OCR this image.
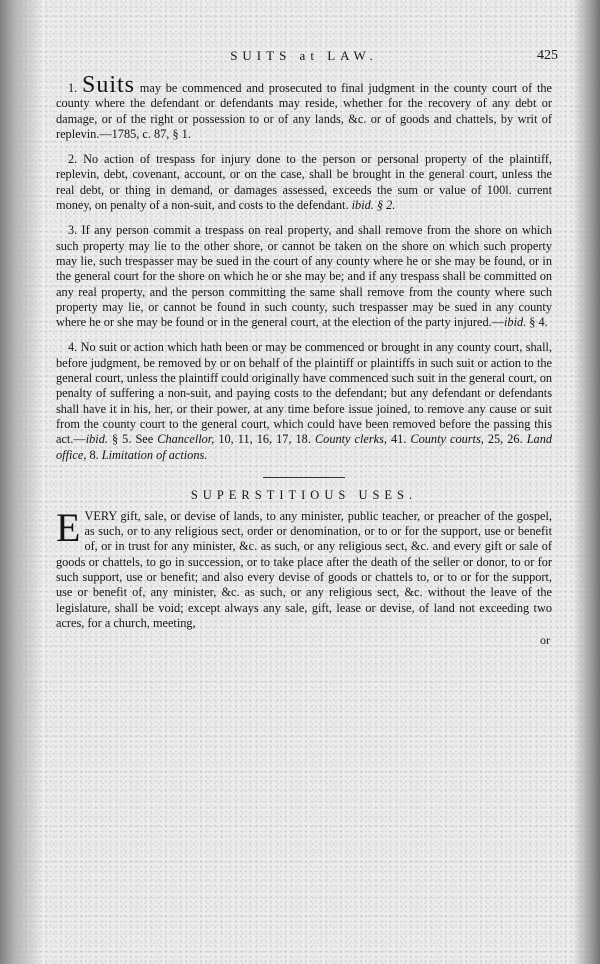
SUITS at LAW.	425

1. Suits may be commenced and prosecuted to final judgment in the county court of the county where the defendant or defendants may reside, whether for the recovery of any debt or damage, or of the right or possession to or of any lands, &c. or of goods and chattels, by writ of replevin.—1785, c. 87, § 1.

2. No action of trespass for injury done to the person or personal property of the plaintiff, replevin, debt, covenant, account, or on the case, shall be brought in the general court, unless the real debt, or thing in demand, or damages assessed, exceeds the sum or value of 100l. current money, on penalty of a non-suit, and costs to the defendant. ibid. § 2.

3. If any person commit a trespass on real property, and shall remove from the shore on which such property may lie to the other shore, or cannot be taken on the shore on which such property may lie, such trespasser may be sued in the court of any county where he or she may be found, or in the general court for the shore on which he or she may be; and if any trespass shall be committed on any real property, and the person committing the same shall remove from the county where such property may lie, or cannot be found in such county, such trespasser may be sued in any county where he or she may be found or in the general court, at the election of the party injured.—ibid. § 4.

4. No suit or action which hath been or may be commenced or brought in any county court, shall, before judgment, be removed by or on behalf of the plaintiff or plaintiffs in such suit or action to the general court, unless the plaintiff could originally have commenced such suit in the general court, on penalty of suffering a non-suit, and paying costs to the defendant; but any defendant or defendants shall have it in his, her, or their power, at any time before issue joined, to remove any cause or suit from the county court to the general court, which could have been removed before the passing this act.—ibid. § 5. See Chancellor, 10, 11, 16, 17, 18. County clerks, 41. County courts, 25, 26. Land office, 8. Limitation of actions.

SUPERSTITIOUS USES.

EVERY gift, sale, or devise of lands, to any minister, public teacher, or preacher of the gospel, as such, or to any religious sect, order or denomination, or to or for the support, use or benefit of, or in trust for any minister, &c. as such, or any religious sect, &c. and every gift or sale of goods or chattels, to go in succession, or to take place after the death of the seller or donor, to or for such support, use or benefit; and also every devise of goods or chattels to, or to or for the support, use or benefit of, any minister, &c. as such, or any religious sect, &c. without the leave of the legislature, shall be void; except always any sale, gift, lease or devise, of land not exceeding two acres, for a church, meeting,

or
